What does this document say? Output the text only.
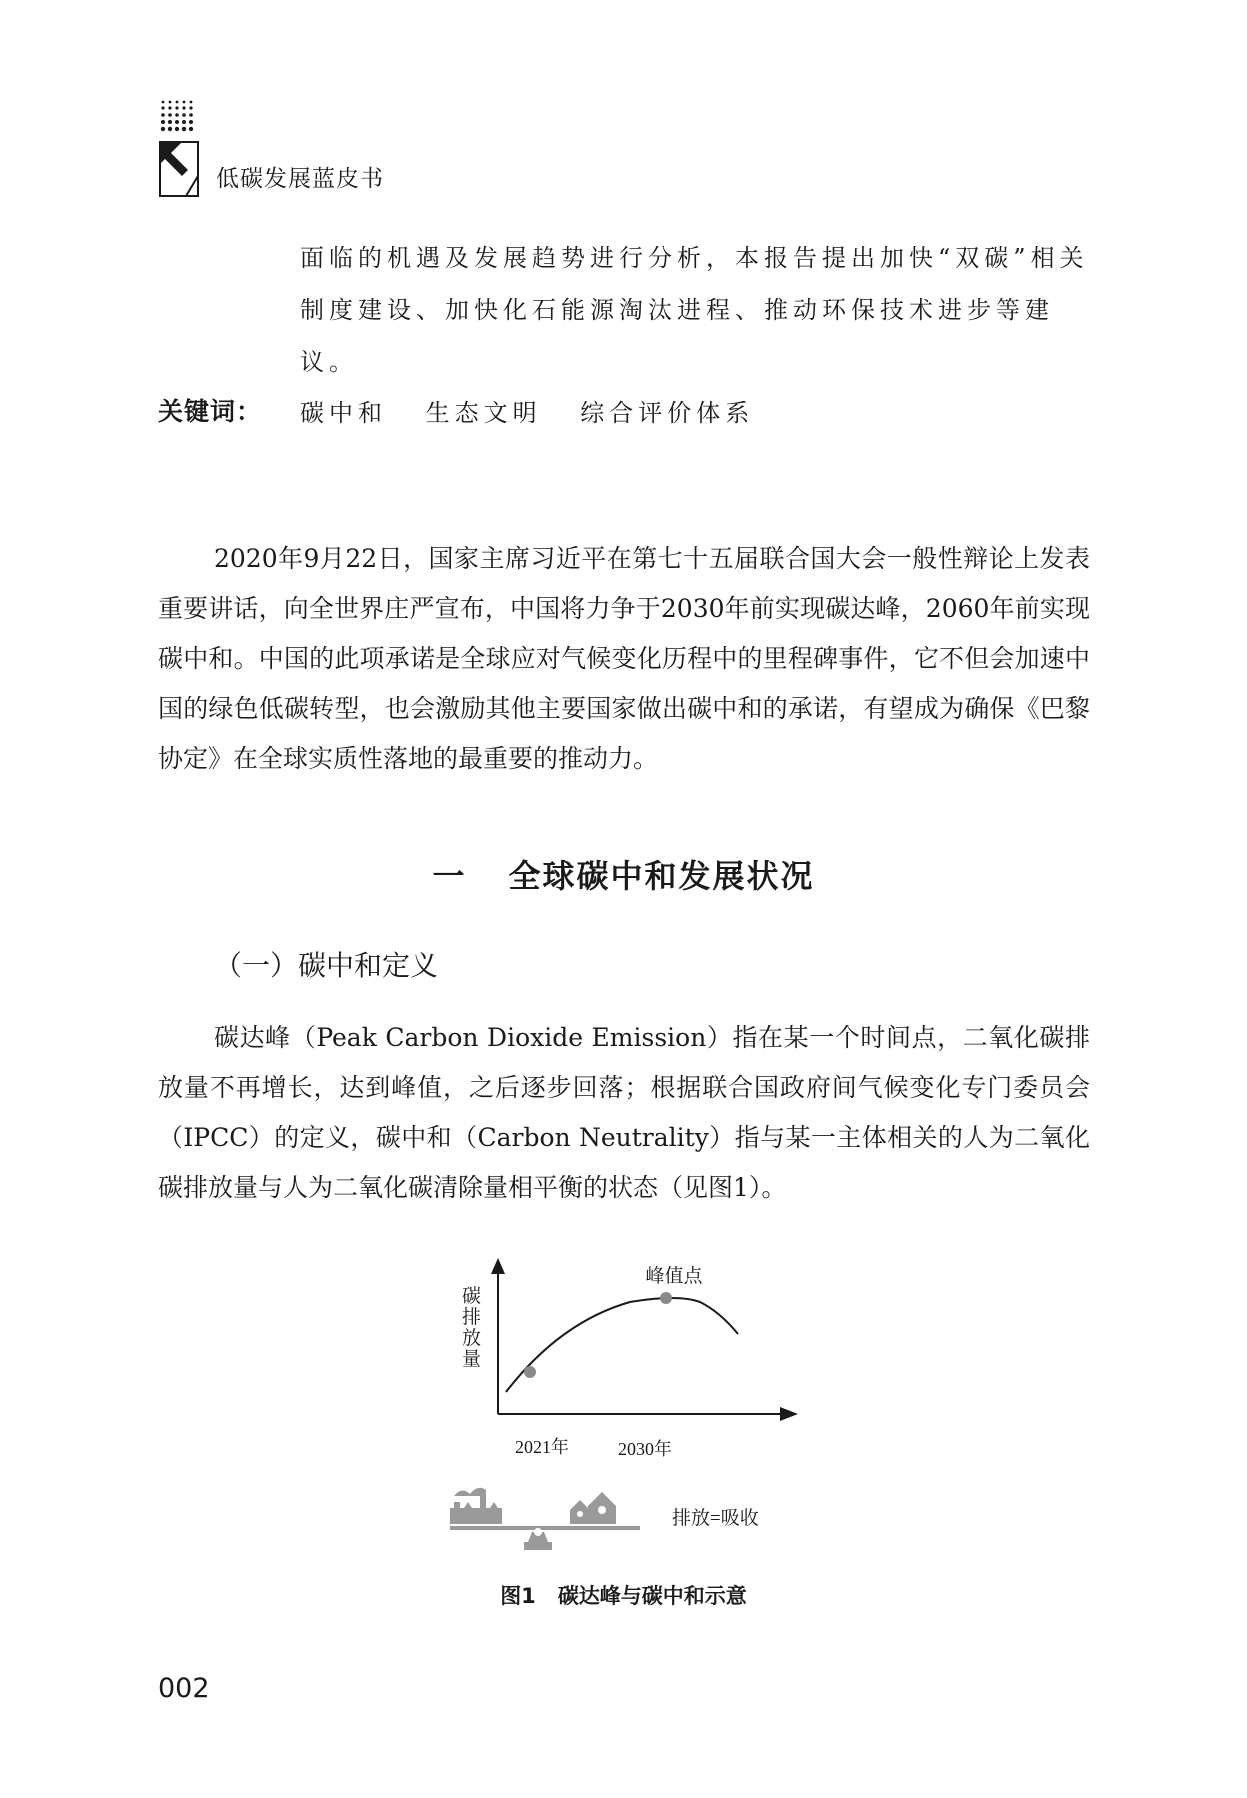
低碳发展蓝皮书
面临的机遇及发展趋势进行分析，本报告提出加快“双碳”相关制度建设、加快化石能源淘汰进程、推动环保技术进步等建议。
关键词： 碳中和 生态文明 综合评价体系
2020年9月22日，国家主席习近平在第七十五届联合国大会一般性辩论上发表重要讲话，向全世界庄严宣布，中国将力争于2030年前实现碳达峰，2060年前实现碳中和。中国的此项承诺是全球应对气候变化历程中的里程碑事件，它不但会加速中国的绿色低碳转型，也会激励其他主要国家做出碳中和的承诺，有望成为确保《巴黎协定》在全球实质性落地的最重要的推动力。
一 全球碳中和发展状况
（一）碳中和定义
碳达峰（Peak Carbon Dioxide Emission）指在某一个时间点，二氧化碳排放量不再增长，达到峰值，之后逐步回落；根据联合国政府间气候变化专门委员会（IPCC）的定义，碳中和（Carbon Neutrality）指与某一主体相关的人为二氧化碳排放量与人为二氧化碳清除量相平衡的状态（见图1）。
碳排放量
峰值点
2021年	2030年
排放=吸收
图1 碳达峰与碳中和示意
002
